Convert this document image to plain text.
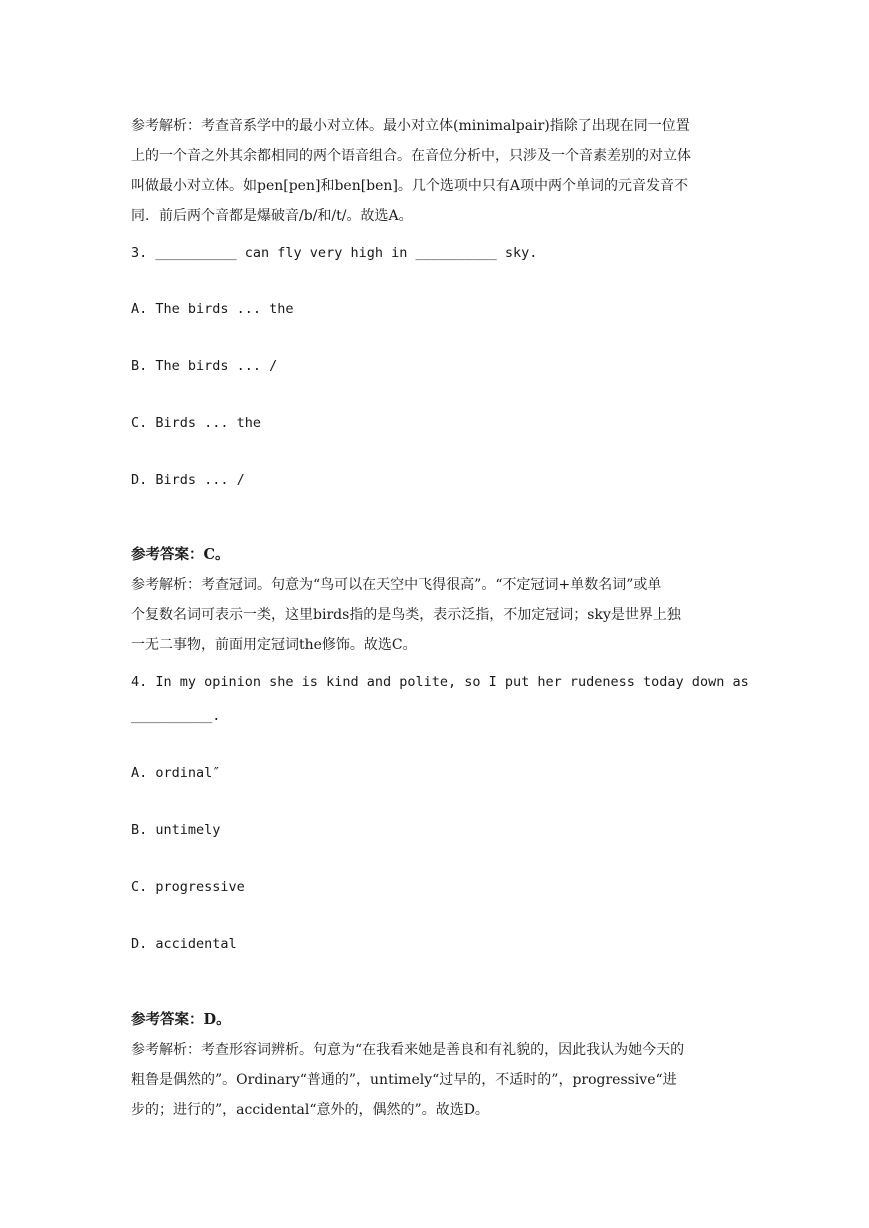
参考解析：考查音系学中的最小对立体。最小对立体(minimalpair)指除了出现在同一位置
上的一个音之外其余都相同的两个语音组合。在音位分析中，只涉及一个音素差别的对立体
叫做最小对立体。如pen[pen]和ben[ben]。几个选项中只有A项中两个单词的元音发音不
同．前后两个音都是爆破音/b/和/t/。故选A。
3. __________ can fly very high in __________ sky.
A. The birds ... the
B. The birds ... /
C. Birds ... the
D. Birds ... /
参考答案：C。
参考解析：考查冠词。句意为“鸟可以在天空中飞得很高”。“不定冠词+单数名词”或单
个复数名词可表示一类，这里birds指的是鸟类，表示泛指，不加定冠词；sky是世界上独
一无二事物，前面用定冠词the修饰。故选C。
4. In my opinion she is kind and polite, so I put her rudeness today down as
__________.
A. ordinal″
B. untimely
C. progressive
D. accidental
参考答案：D。
参考解析：考查形容词辨析。句意为“在我看来她是善良和有礼貌的，因此我认为她今天的
粗鲁是偶然的”。Ordinary“普通的”，untimely“过早的，不适时的”，progressive“进
步的；进行的”，accidental“意外的，偶然的”。故选D。
